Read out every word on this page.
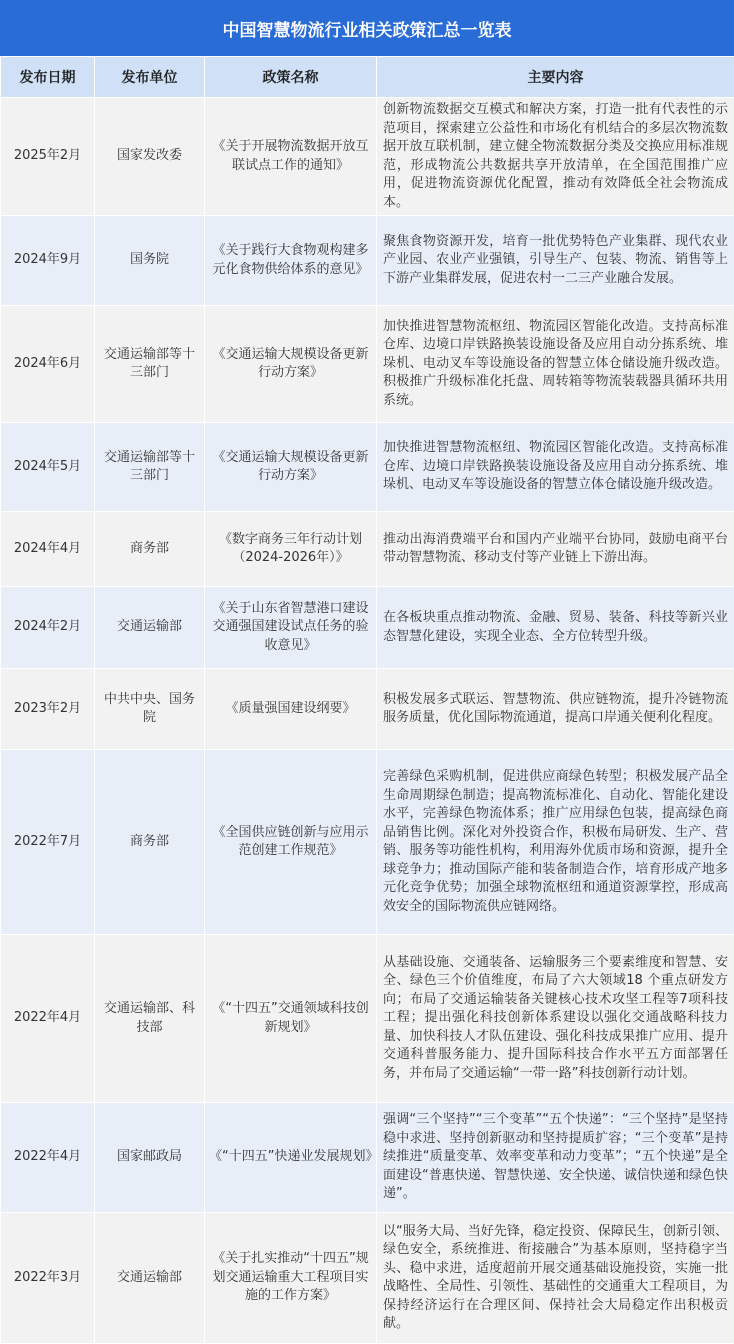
中国智慧物流行业相关政策汇总一览表
发布日期	发布单位	政策名称	主要内容
2025年2月	国家发改委	《关于开展物流数据开放互联试点工作的通知》	创新物流数据交互模式和解决方案，打造一批有代表性的示范项目，探索建立公益性和市场化有机结合的多层次物流数据开放互联机制，建立健全物流数据分类及交换应用标准规范，形成物流公共数据共享开放清单，在全国范围推广应用，促进物流资源优化配置，推动有效降低全社会物流成本。
2024年9月	国务院	《关于践行大食物观构建多元化食物供给体系的意见》	聚焦食物资源开发，培育一批优势特色产业集群、现代农业产业园、农业产业强镇，引导生产、包装、物流、销售等上下游产业集群发展，促进农村一二三产业融合发展。
2024年6月	交通运输部等十三部门	《交通运输大规模设备更新行动方案》	加快推进智慧物流枢纽、物流园区智能化改造。支持高标准仓库、边境口岸铁路换装设施设备及应用自动分拣系统、堆垛机、电动叉车等设施设备的智慧立体仓储设施升级改造。积极推广升级标准化托盘、周转箱等物流装载器具循环共用系统。
2024年5月	交通运输部等十三部门	《交通运输大规模设备更新行动方案》	加快推进智慧物流枢纽、物流园区智能化改造。支持高标准仓库、边境口岸铁路换装设施设备及应用自动分拣系统、堆垛机、电动叉车等设施设备的智慧立体仓储设施升级改造。
2024年4月	商务部	《数字商务三年行动计划（2024-2026年）》	推动出海消费端平台和国内产业端平台协同，鼓励电商平台带动智慧物流、移动支付等产业链上下游出海。
2024年2月	交通运输部	《关于山东省智慧港口建设交通强国建设试点任务的验收意见》	在各板块重点推动物流、金融、贸易、装备、科技等新兴业态智慧化建设，实现全业态、全方位转型升级。
2023年2月	中共中央、国务院	《质量强国建设纲要》	积极发展多式联运、智慧物流、供应链物流，提升冷链物流服务质量，优化国际物流通道，提高口岸通关便利化程度。
2022年7月	商务部	《全国供应链创新与应用示范创建工作规范》	完善绿色采购机制，促进供应商绿色转型；积极发展产品全生命周期绿色制造；提高物流标准化、自动化、智能化建设水平，完善绿色物流体系；推广应用绿色包装，提高绿色商品销售比例。深化对外投资合作，积极布局研发、生产、营销、服务等功能性机构，利用海外优质市场和资源，提升全球竞争力；推动国际产能和装备制造合作，培育形成产地多元化竞争优势；加强全球物流枢纽和通道资源掌控，形成高效安全的国际物流供应链网络。
2022年4月	交通运输部、科技部	《“十四五”交通领域科技创新规划》	从基础设施、交通装备、运输服务三个要素维度和智慧、安全、绿色三个价值维度，布局了六大领域18 个重点研发方向；布局了交通运输装备关键核心技术攻坚工程等7项科技工程；提出强化科技创新体系建设以强化交通战略科技力量、加快科技人才队伍建设、强化科技成果推广应用、提升交通科普服务能力、提升国际科技合作水平五方面部署任务，并布局了交通运输“一带一路”科技创新行动计划。
2022年4月	国家邮政局	《“十四五”快递业发展规划》	强调“三个坚持”“三个变革”“五个快递”：“三个坚持”是坚持稳中求进、坚持创新驱动和坚持提质扩容；“三个变革”是持续推进“质量变革、效率变革和动力变革”；“五个快递”是全面建设“普惠快递、智慧快递、安全快递、诚信快递和绿色快递”。
2022年3月	交通运输部	《关于扎实推动“十四五”规划交通运输重大工程项目实施的工作方案》	以“服务大局、当好先锋，稳定投资、保障民生，创新引领、绿色安全，系统推进、衔接融合”为基本原则，坚持稳字当头、稳中求进，适度超前开展交通基础设施投资，实施一批战略性、全局性、引领性、基础性的交通重大工程项目，为保持经济运行在合理区间、保持社会大局稳定作出积极贡献。
